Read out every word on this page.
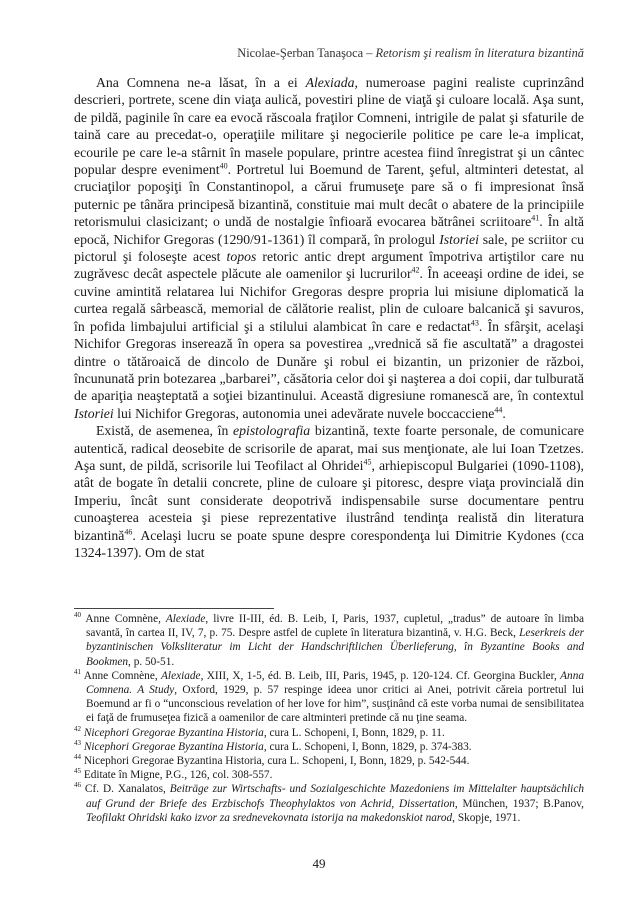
Nicolae-Şerban Tanaşoca – Retorism şi realism în literatura bizantină

Ana Comnena ne-a lăsat, în a ei Alexiada, numeroase pagini realiste cuprinzând descrieri, portrete, scene din viaţa aulică, povestiri pline de viaţă şi culoare locală. Aşa sunt, de pildă, paginile în care ea evocă răscoala fraţilor Comneni, intrigile de palat şi sfaturile de taină care au precedat-o, operaţiile militare şi negocierile politice pe care le-a implicat, ecourile pe care le-a stârnit în masele populare, printre acestea fiind înregistrat şi un cântec popular despre eveniment$^{40}$. Portretul lui Boemund de Tarent, şeful, altminteri detestat, al cruciaţilor popoşiţi în Constantinopol, a cărui frumuseţe pare să o fi impresionat însă puternic pe tânăra principesă bizantină, constituie mai mult decât o abatere de la principiile retorismului clasicizant; o undă de nostalgie înfioară evocarea bătrânei scriitoare$^{41}$. În altă epocă, Nichifor Gregoras (1290/91-1361) îl compară, în prologul Istoriei sale, pe scriitor cu pictorul şi foloseşte acest topos retoric antic drept argument împotriva artiştilor care nu zugrăvesc decât aspectele plăcute ale oamenilor şi lucrurilor$^{42}$. În aceeaşi ordine de idei, se cuvine amintită relatarea lui Nichifor Gregoras despre propria lui misiune diplomatică la curtea regală sârbească, memorial de călătorie realist, plin de culoare balcanică şi savuros, în pofida limbajului artificial şi a stilului alambicat în care e redactat$^{43}$. În sfârşit, acelaşi Nichifor Gregoras inserează în opera sa povestirea „vrednică să fie ascultată” a dragostei dintre o tătăroaică de dincolo de Dunăre şi robul ei bizantin, un prizonier de război, încununată prin botezarea „barbarei”, căsătoria celor doi şi naşterea a doi copii, dar tulburată de apariţia neaşteptată a soţiei bizantinului. Această digresiune romanescă are, în contextul Istoriei lui Nichifor Gregoras, autonomia unei adevărate nuvele boccacciene$^{44}$.

Există, de asemenea, în epistolografia bizantină, texte foarte personale, de comunicare autentică, radical deosebite de scrisorile de aparat, mai sus menţionate, ale lui Ioan Tzetzes. Aşa sunt, de pildă, scrisorile lui Teofilact al Ohridei$^{45}$, arhiepiscopul Bulgariei (1090-1108), atât de bogate în detalii concrete, pline de culoare şi pitoresc, despre viaţa provincială din Imperiu, încât sunt considerate deopotrivă indispensabile surse documentare pentru cunoaşterea acesteia şi piese reprezentative ilustrând tendinţa realistă din literatura bizantină$^{46}$. Acelaşi lucru se poate spune despre corespondenţa lui Dimitrie Kydones (cca 1324-1397). Om de stat

$^{40}$ Anne Comnène, Alexiade, livre II-III, éd. B. Leib, I, Paris, 1937, cupletul, „tradus” de autoare în limba savantă, în cartea II, IV, 7, p. 75. Despre astfel de cuplete în literatura bizantină, v. H.G. Beck, Leserkreis der byzantinischen Volksliteratur im Licht der Handschriftlichen Überlieferung, în Byzantine Books and Bookmen, p. 50-51.

$^{41}$ Anne Comnène, Alexiade, XIII, X, 1-5, éd. B. Leib, III, Paris, 1945, p. 120-124. Cf. Georgina Buckler, Anna Comnena. A Study, Oxford, 1929, p. 57 respinge ideea unor critici ai Anei, potrivit căreia portretul lui Boemund ar fi o “unconscious revelation of her love for him”, susţinând că este vorba numai de sensibilitatea ei faţă de frumuseţea fizică a oamenilor de care altminteri pretinde că nu ţine seama.

$^{42}$ Nicephori Gregorae Byzantina Historia, cura L. Schopeni, I, Bonn, 1829, p. 11.

$^{43}$ Nicephori Gregorae Byzantina Historia, cura L. Schopeni, I, Bonn, 1829, p. 374-383.

$^{44}$ Nicephori Gregorae Byzantina Historia, cura L. Schopeni, I, Bonn, 1829, p. 542-544.

$^{45}$ Editate în Migne, P.G., 126, col. 308-557.

$^{46}$ Cf. D. Xanalatos, Beiträge zur Wirtschafts- und Sozialgeschichte Mazedoniens im Mittelalter hauptsächlich auf Grund der Briefe des Erzbischofs Theophylaktos von Achrid, Dissertation, München, 1937; B.Panov, Teofilakt Ohridski kako izvor za srednevekovnata istorija na makedonskiot narod, Skopje, 1971.

49
